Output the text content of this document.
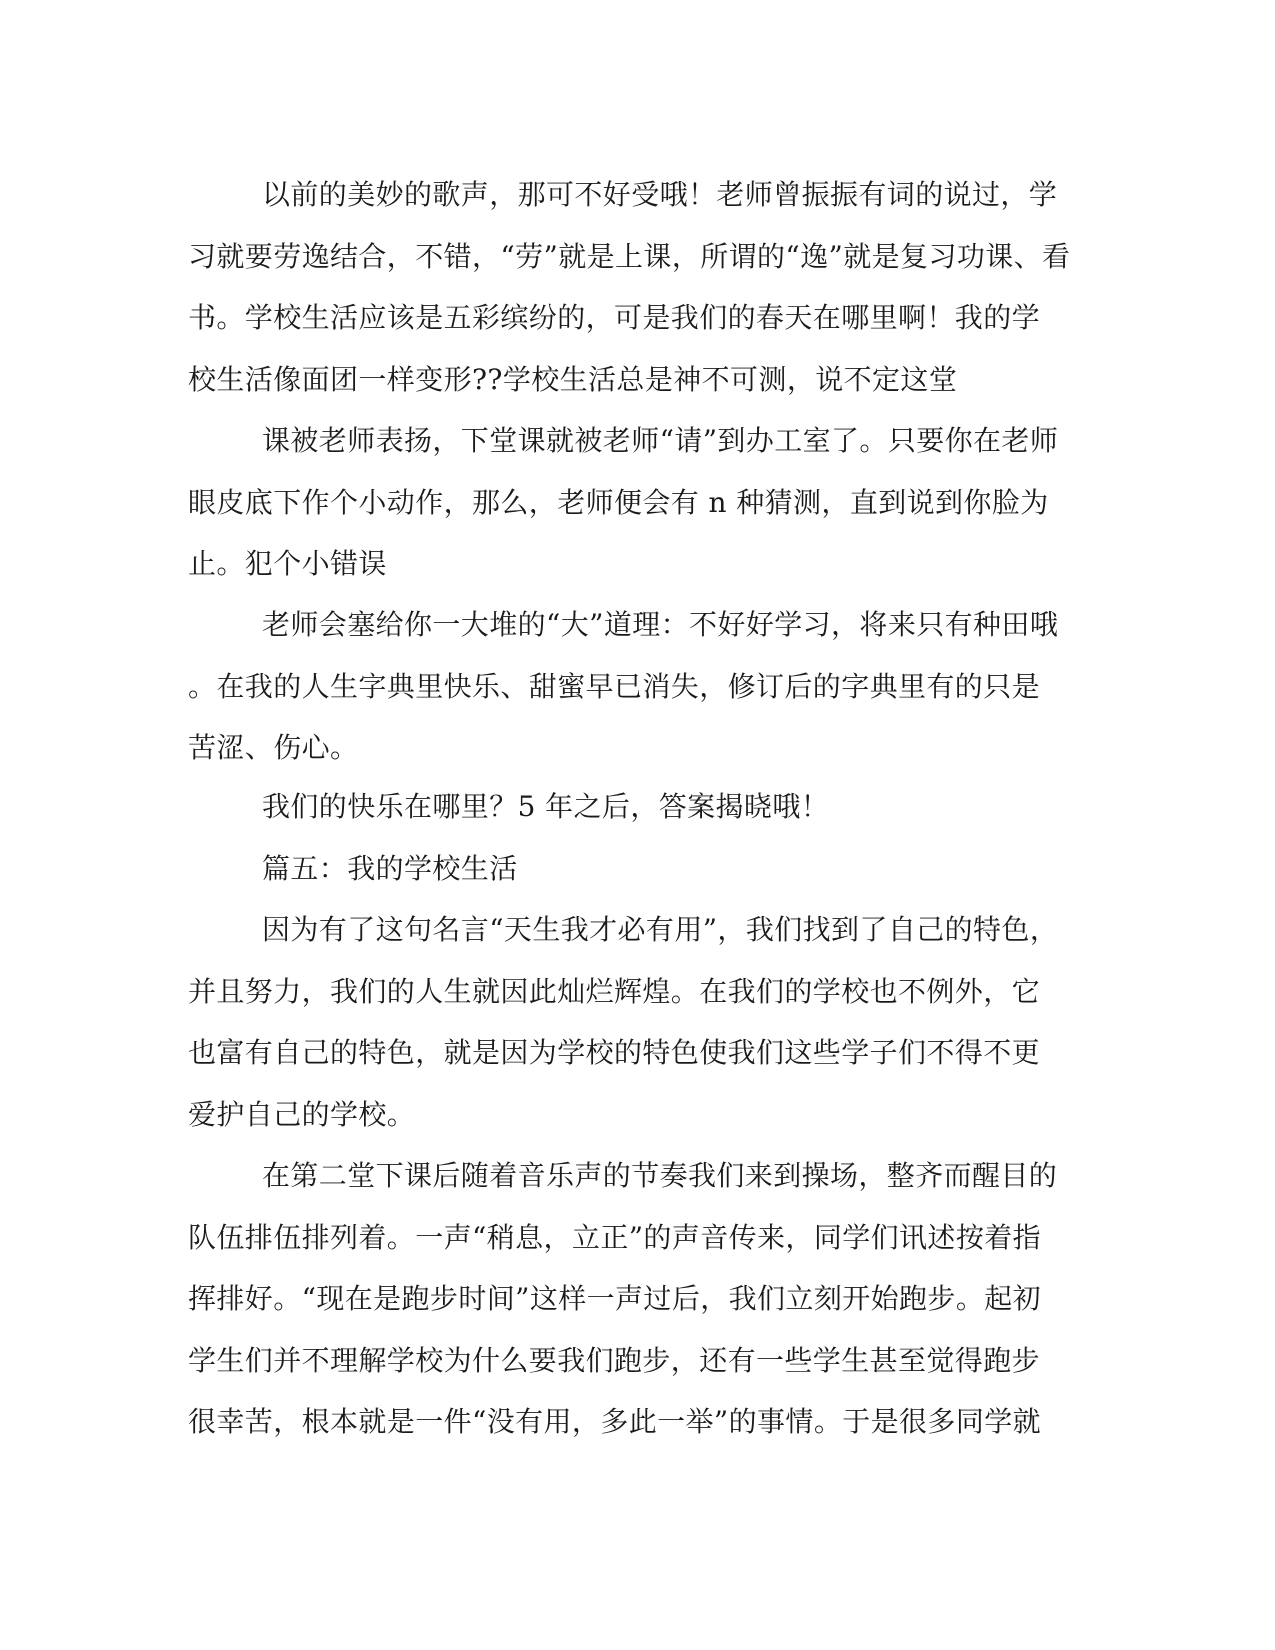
以前的美妙的歌声，那可不好受哦！老师曾振振有词的说过，学
习就要劳逸结合，不错，“劳”就是上课，所谓的“逸”就是复习功课、看
书。学校生活应该是五彩缤纷的，可是我们的春天在哪里啊！我的学
校生活像面团一样变形??学校生活总是神不可测，说不定这堂
课被老师表扬，下堂课就被老师“请”到办工室了。只要你在老师
眼皮底下作个小动作，那么，老师便会有 n 种猜测，直到说到你脸为
止。犯个小错误
老师会塞给你一大堆的“大”道理：不好好学习，将来只有种田哦
。在我的人生字典里快乐、甜蜜早已消失，修订后的字典里有的只是
苦涩、伤心。
我们的快乐在哪里？5 年之后，答案揭晓哦！
篇五：我的学校生活
因为有了这句名言“天生我才必有用”，我们找到了自己的特色，
并且努力，我们的人生就因此灿烂辉煌。在我们的学校也不例外，它
也富有自己的特色，就是因为学校的特色使我们这些学子们不得不更
爱护自己的学校。
在第二堂下课后随着音乐声的节奏我们来到操场，整齐而醒目的
队伍排伍排列着。一声“稍息，立正”的声音传来，同学们讯述按着指
挥排好。“现在是跑步时间”这样一声过后，我们立刻开始跑步。起初
学生们并不理解学校为什么要我们跑步，还有一些学生甚至觉得跑步
很幸苦，根本就是一件“没有用，多此一举”的事情。于是很多同学就
